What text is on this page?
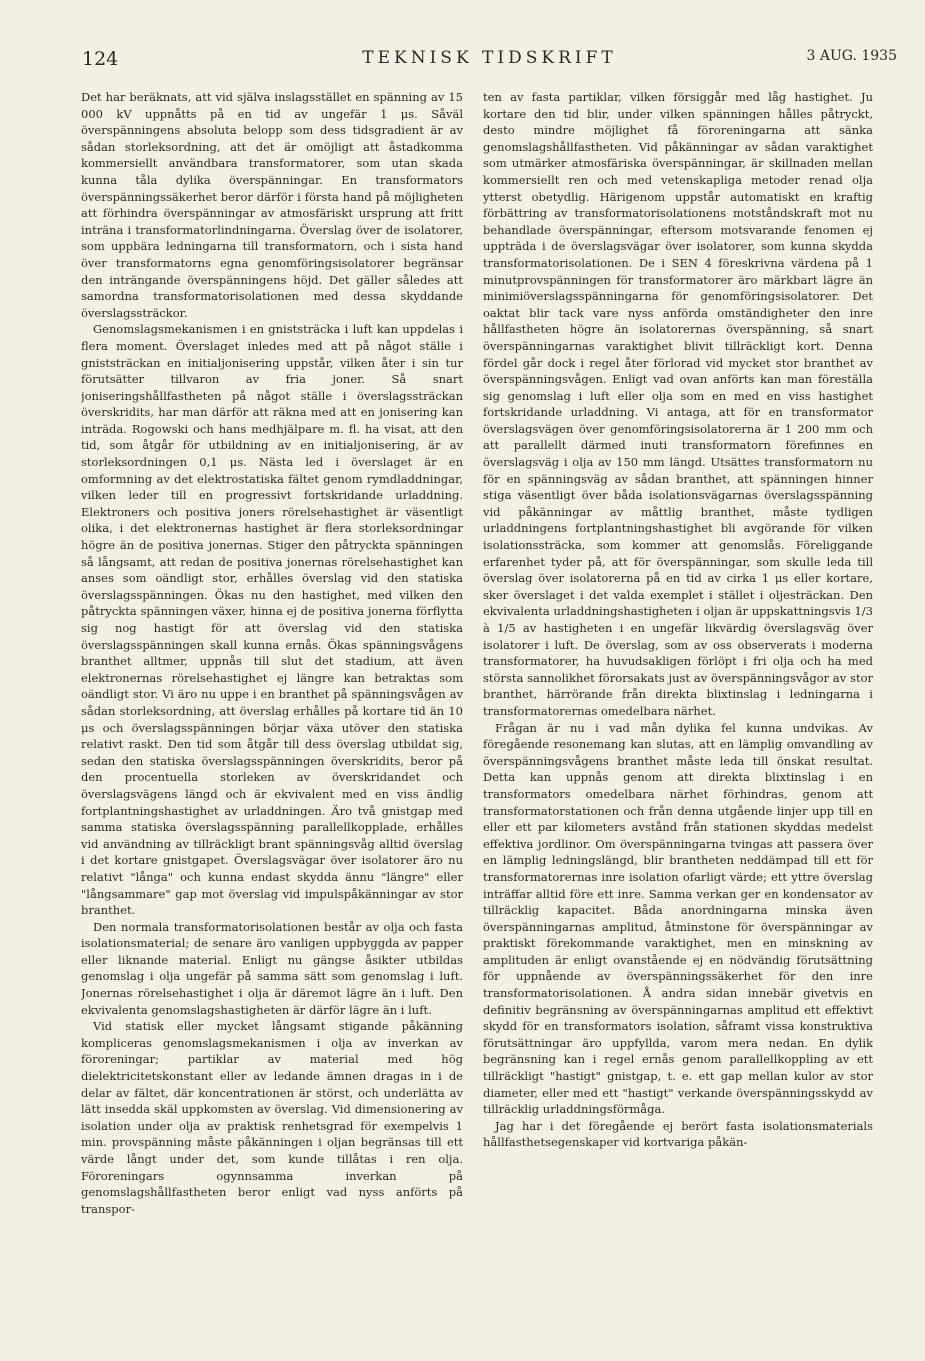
124	TEKNISK TIDSKRIFT	3 AUG. 1935

Det har beräknats, att vid själva inslagsstället en spänning av 15 000 kV uppnåtts på en tid av ungefär 1 μs. Såväl överspänningens absoluta belopp som dess tidsgradient är av sådan storleksordning, att det är omöjligt att åstadkomma kommersiellt användbara transformatorer, som utan skada kunna tåla dylika överspänningar. En transformators överspänningssäkerhet beror därför i första hand på möjligheten att förhindra överspänningar av atmosfäriskt ursprung att fritt inträna i transformatorlindningarna. Överslag över de isolatorer, som uppbära ledningarna till transformatorn, och i sista hand över transformatorns egna genomföringsisolatorer begränsar den inträngande överspänningens höjd. Det gäller således att samordna transformatorisolationen med dessa skyddande överslagssträckor.

Genomslagsmekanismen i en gniststräcka i luft kan uppdelas i flera moment. Överslaget inledes med att på något ställe i gniststräckan en initialjonisering uppstår, vilken åter i sin tur förutsätter tillvaron av fria joner. Så snart joniseringshållfastheten på något ställe i överslagssträckan överskridits, har man därför att räkna med att en jonisering kan inträda. Rogowski och hans medhjälpare m. fl. ha visat, att den tid, som åtgår för utbildning av en initialjonisering, är av storleksordningen 0,1 μs. Nästa led i överslaget är en omformning av det elektrostatiska fältet genom rymdladdningar, vilken leder till en progressivt fortskridande urladdning. Elektroners och positiva joners rörelsehastighet är väsentligt olika, i det elektronernas hastighet är flera storleksordningar högre än de positiva jonernas. Stiger den påtryckta spänningen så långsamt, att redan de positiva jonernas rörelsehastighet kan anses som oändligt stor, erhålles överslag vid den statiska överslagsspänningen. Ökas nu den hastighet, med vilken den påtryckta spänningen växer, hinna ej de positiva jonerna förflytta sig nog hastigt för att överslag vid den statiska överslagsspänningen skall kunna ernås. Ökas spänningsvågens branthet alltmer, uppnås till slut det stadium, att även elektronernas rörelsehastighet ej längre kan betraktas som oändligt stor. Vi äro nu uppe i en branthet på spänningsvågen av sådan storleksordning, att överslag erhålles på kortare tid än 10 μs och överslagsspänningen börjar växa utöver den statiska relativt raskt. Den tid som åtgår till dess överslag utbildat sig, sedan den statiska överslagsspänningen överskridits, beror på den procentuella storleken av överskridandet och överslagsvägens längd och är ekvivalent med en viss ändlig fortplantningshastighet av urladdningen. Äro två gnistgap med samma statiska överslagsspänning parallellkopplade, erhålles vid användning av tillräckligt brant spänningsvåg alltid överslag i det kortare gnistgapet. Överslagsvägar över isolatorer äro nu relativt "långa" och kunna endast skydda ännu "längre" eller "långsammare" gap mot överslag vid impulspåkänningar av stor branthet.

Den normala transformatorisolationen består av olja och fasta isolationsmaterial; de senare äro vanligen uppbyggda av papper eller liknande material. Enligt nu gängse åsikter utbildas genomslag i olja ungefär på samma sätt som genomslag i luft. Jonernas rörelsehastighet i olja är däremot lägre än i luft. Den ekvivalenta genomslagshastigheten är därför lägre än i luft.

Vid statisk eller mycket långsamt stigande påkänning kompliceras genomslagsmekanismen i olja av inverkan av föroreningar; partiklar av material med hög dielektricitetskonstant eller av ledande ämnen dragas in i de delar av fältet, där koncentrationen är störst, och underlätta av lätt insedda skäl uppkomsten av överslag. Vid dimensionering av isolation under olja av praktisk renhetsgrad för exempelvis 1 min. provspänning måste påkänningen i oljan begränsas till ett värde långt under det, som kunde tillåtas i ren olja. Föroreningars ogynnsamma inverkan på genomslagshållfastheten beror enligt vad nyss anförts på transpor-

ten av fasta partiklar, vilken försiggår med låg hastighet. Ju kortare den tid blir, under vilken spänningen hålles påtryckt, desto mindre möjlighet få föroreningarna att sänka genomslagshållfastheten. Vid påkänningar av sådan varaktighet som utmärker atmosfäriska överspänningar, är skillnaden mellan kommersiellt ren och med vetenskapliga metoder renad olja ytterst obetydlig. Härigenom uppstår automatiskt en kraftig förbättring av transformatorisolationens motståndskraft mot nu behandlade överspänningar, eftersom motsvarande fenomen ej uppträda i de överslagsvägar över isolatorer, som kunna skydda transformatorisolationen. De i SEN 4 föreskrivna värdena på 1 minutprovspänningen för transformatorer äro märkbart lägre än minimiöverslagsspänningarna för genomföringsisolatorer. Det oaktat blir tack vare nyss anförda omständigheter den inre hållfastheten högre än isolatorernas överspänning, så snart överspänningarnas varaktighet blivit tillräckligt kort. Denna fördel går dock i regel åter förlorad vid mycket stor branthet av överspänningsvågen. Enligt vad ovan anförts kan man föreställa sig genomslag i luft eller olja som en med en viss hastighet fortskridande urladdning. Vi antaga, att för en transformator överslagsvägen över genomföringsisolatorerna är 1 200 mm och att parallellt därmed inuti transformatorn förefinnes en överslagsväg i olja av 150 mm längd. Utsättes transformatorn nu för en spänningsväg av sådan branthet, att spänningen hinner stiga väsentligt över båda isolationsvägarnas överslagsspänning vid påkänningar av måttlig branthet, måste tydligen urladdningens fortplantningshastighet bli avgörande för vilken isolationssträcka, som kommer att genomslås. Föreliggande erfarenhet tyder på, att för överspänningar, som skulle leda till överslag över isolatorerna på en tid av cirka 1 μs eller kortare, sker överslaget i det valda exemplet i stället i oljesträckan. Den ekvivalenta urladdningshastigheten i oljan är uppskattningsvis 1/3 à 1/5 av hastigheten i en ungefär likvärdig överslagsväg över isolatorer i luft. De överslag, som av oss observerats i moderna transformatorer, ha huvudsakligen förlöpt i fri olja och ha med största sannolikhet förorsakats just av överspänningsvågor av stor branthet, härrörande från direkta blixtinslag i ledningarna i transformatorernas omedelbara närhet.

Frågan är nu i vad mån dylika fel kunna undvikas. Av föregående resonemang kan slutas, att en lämplig omvandling av överspänningsvågens branthet måste leda till önskat resultat. Detta kan uppnås genom att direkta blixtinslag i en transformators omedelbara närhet förhindras, genom att transformatorstationen och från denna utgående linjer upp till en eller ett par kilometers avstånd från stationen skyddas medelst effektiva jordlinor. Om överspänningarna tvingas att passera över en lämplig ledningslängd, blir brantheten neddämpad till ett för transformatorernas inre isolation ofarligt värde; ett yttre överslag inträffar alltid före ett inre. Samma verkan ger en kondensator av tillräcklig kapacitet. Båda anordningarna minska även överspänningarnas amplitud, åtminstone för överspänningar av praktiskt förekommande varaktighet, men en minskning av amplituden är enligt ovanstående ej en nödvändig förutsättning för uppnående av överspänningssäkerhet för den inre transformatorisolationen. Å andra sidan innebär givetvis en definitiv begränsning av överspänningarnas amplitud ett effektivt skydd för en transformators isolation, såframt vissa konstruktiva förutsättningar äro uppfyllda, varom mera nedan. En dylik begränsning kan i regel ernås genom parallellkoppling av ett tillräckligt "hastigt" gnistgap, t. e. ett gap mellan kulor av stor diameter, eller med ett "hastigt" verkande överspänningsskydd av tillräcklig urladdningsförmåga.

Jag har i det föregående ej berört fasta isolationsmaterials hållfasthetsegenskaper vid kortvariga påkän-
